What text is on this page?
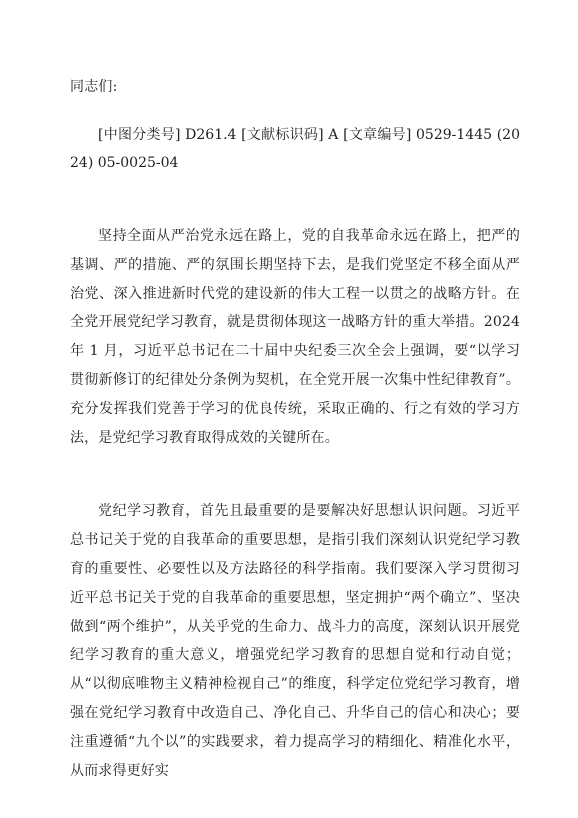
同志们:

[中图分类号] D261.4 [文献标识码] A [文章编号] 0529-1445 (2024) 05-0025-04

坚持全面从严治党永远在路上，党的自我革命永远在路上，把严的基调、严的措施、严的氛围长期坚持下去，是我们党坚定不移全面从严治党、深入推进新时代党的建设新的伟大工程一以贯之的战略方针。在全党开展党纪学习教育，就是贯彻体现这一战略方针的重大举措。2024 年 1 月，习近平总书记在二十届中央纪委三次全会上强调，要“以学习贯彻新修订的纪律处分条例为契机，在全党开展一次集中性纪律教育”。充分发挥我们党善于学习的优良传统，采取正确的、行之有效的学习方法，是党纪学习教育取得成效的关键所在。

党纪学习教育，首先且最重要的是要解决好思想认识问题。习近平总书记关于党的自我革命的重要思想，是指引我们深刻认识党纪学习教育的重要性、必要性以及方法路径的科学指南。我们要深入学习贯彻习近平总书记关于党的自我革命的重要思想，坚定拥护“两个确立”、坚决做到“两个维护”，从关乎党的生命力、战斗力的高度，深刻认识开展党纪学习教育的重大意义，增强党纪学习教育的思想自觉和行动自觉；从“以彻底唯物主义精神检视自己”的维度，科学定位党纪学习教育，增强在党纪学习教育中改造自己、净化自己、升华自己的信心和决心；要注重遵循“九个以”的实践要求，着力提高学习的精细化、精准化水平，从而求得更好实
